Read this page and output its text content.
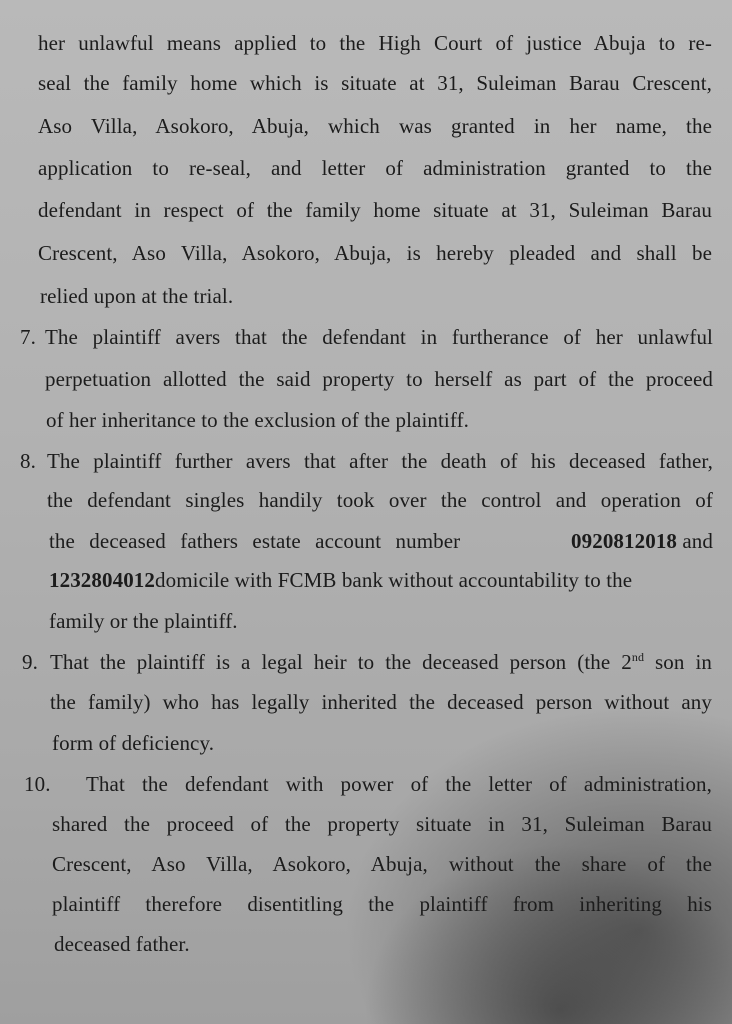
her unlawful means applied to the High Court of justice Abuja to re-
seal the family home which is situate at 31, Suleiman Barau Crescent,
Aso Villa, Asokoro, Abuja, which was granted in her name, the
application to re-seal, and letter of administration granted to the
defendant in respect of the family home situate at 31, Suleiman Barau
Crescent, Aso Villa, Asokoro, Abuja, is hereby pleaded and shall be
relied upon at the trial.
7. The plaintiff avers that the defendant in furtherance of her unlawful
perpetuation allotted the said property to herself as part of the proceed
of her inheritance to the exclusion of the plaintiff.
8. The plaintiff further avers that after the death of his deceased father,
the defendant singles handily took over the control and operation of
the deceased fathers estate account number	0920812018 and
1232804012 domicile with FCMB bank without accountability to the
family or the plaintiff.
9. That the plaintiff is a legal heir to the deceased person (the 2nd son in
the family) who has legally inherited the deceased person without any
form of deficiency.
10. That the defendant with power of the letter of administration,
shared the proceed of the property situate in 31, Suleiman Barau
Crescent, Aso Villa, Asokoro, Abuja, without the share of the
plaintiff therefore disentitling the plaintiff from inheriting his
deceased father.
